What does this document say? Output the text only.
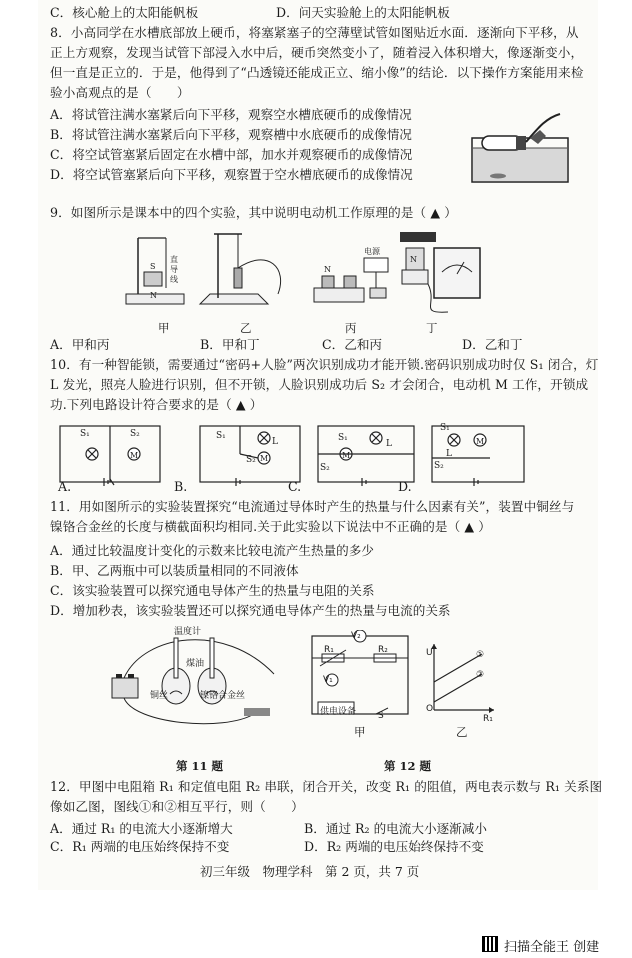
C．核心舱上的太阳能帆板	D．问天实验舱上的太阳能帆板
8．小高同学在水槽底部放上硬币，将塞紧塞子的空薄壁试管如图贴近水面．逐渐向下平移，从
正上方观察，发现当试管下部浸入水中后，硬币突然变小了，随着浸入体积增大，像逐渐变小，
但一直是正立的．于是，他得到了“凸透镜还能成正立、缩小像”的结论．以下操作方案能用来检
验小高观点的是（　　）
A．将试管注满水塞紧后向下平移，观察空水槽底硬币的成像情况
B．将试管注满水塞紧后向下平移，观察槽中水底硬币的成像情况
C．将空试管塞紧后固定在水槽中部，加水并观察硬币的成像情况
D．将空试管塞紧后向下平移，观察置于空水槽底硬币的成像情况
9．如图所示是课本中的四个实验，其中说明电动机工作原理的是（ ▲ ）
S
N
直
导
线
N
电源
N
甲	乙	丙	丁
A．甲和丙	B．甲和丁	C．乙和丙	D．乙和丁
10．有一种智能锁，需要通过“密码+人脸”两次识别成功才能开锁.密码识别成功时仅 S₁ 闭合，灯
L 发光，照亮人脸进行识别，但不开锁，人脸识别成功后 S₂ 才会闭合，电动机 M 工作，开锁成
功.下列电路设计符合要求的是（ ▲ ）
M
S₁	S₂
M
S₁
S₂
L
M
S₁
S₂
L	M
S₁
S₂
L
A.	B.	C.	D.
11．用如图所示的实验装置探究“电流通过导体时产生的热量与什么因素有关”，装置中铜丝与
镍铬合金丝的长度与横截面积均相同.关于此实验以下说法中不正确的是（ ▲ ）
A．通过比较温度计变化的示数来比较电流产生热量的多少
B．甲、乙两瓶中可以装质量相同的不同液体
C．该实验装置可以探究通电导体产生的热量与电阻的关系
D．增加秒表，该实验装置还可以探究通电导体产生的热量与电流的关系
温度计
煤油
铜丝	镍铬合金丝
第 11 题
V₂
R₁	R₂
V₁
供电设备 S
甲
U
O
R₁
①
②
乙
第 12 题
12．甲图中电阻箱 R₁ 和定值电阻 R₂ 串联，闭合开关，改变 R₁ 的阻值，两电表示数与 R₁ 关系图
像如乙图，图线①和②相互平行，则（　　）
A．通过 R₁ 的电流大小逐渐增大	B．通过 R₂ 的电流大小逐渐减小
C．R₁ 两端的电压始终保持不变	D．R₂ 两端的电压始终保持不变
初三年级　物理学科　第 2 页，共 7 页
扫描全能王 创建
